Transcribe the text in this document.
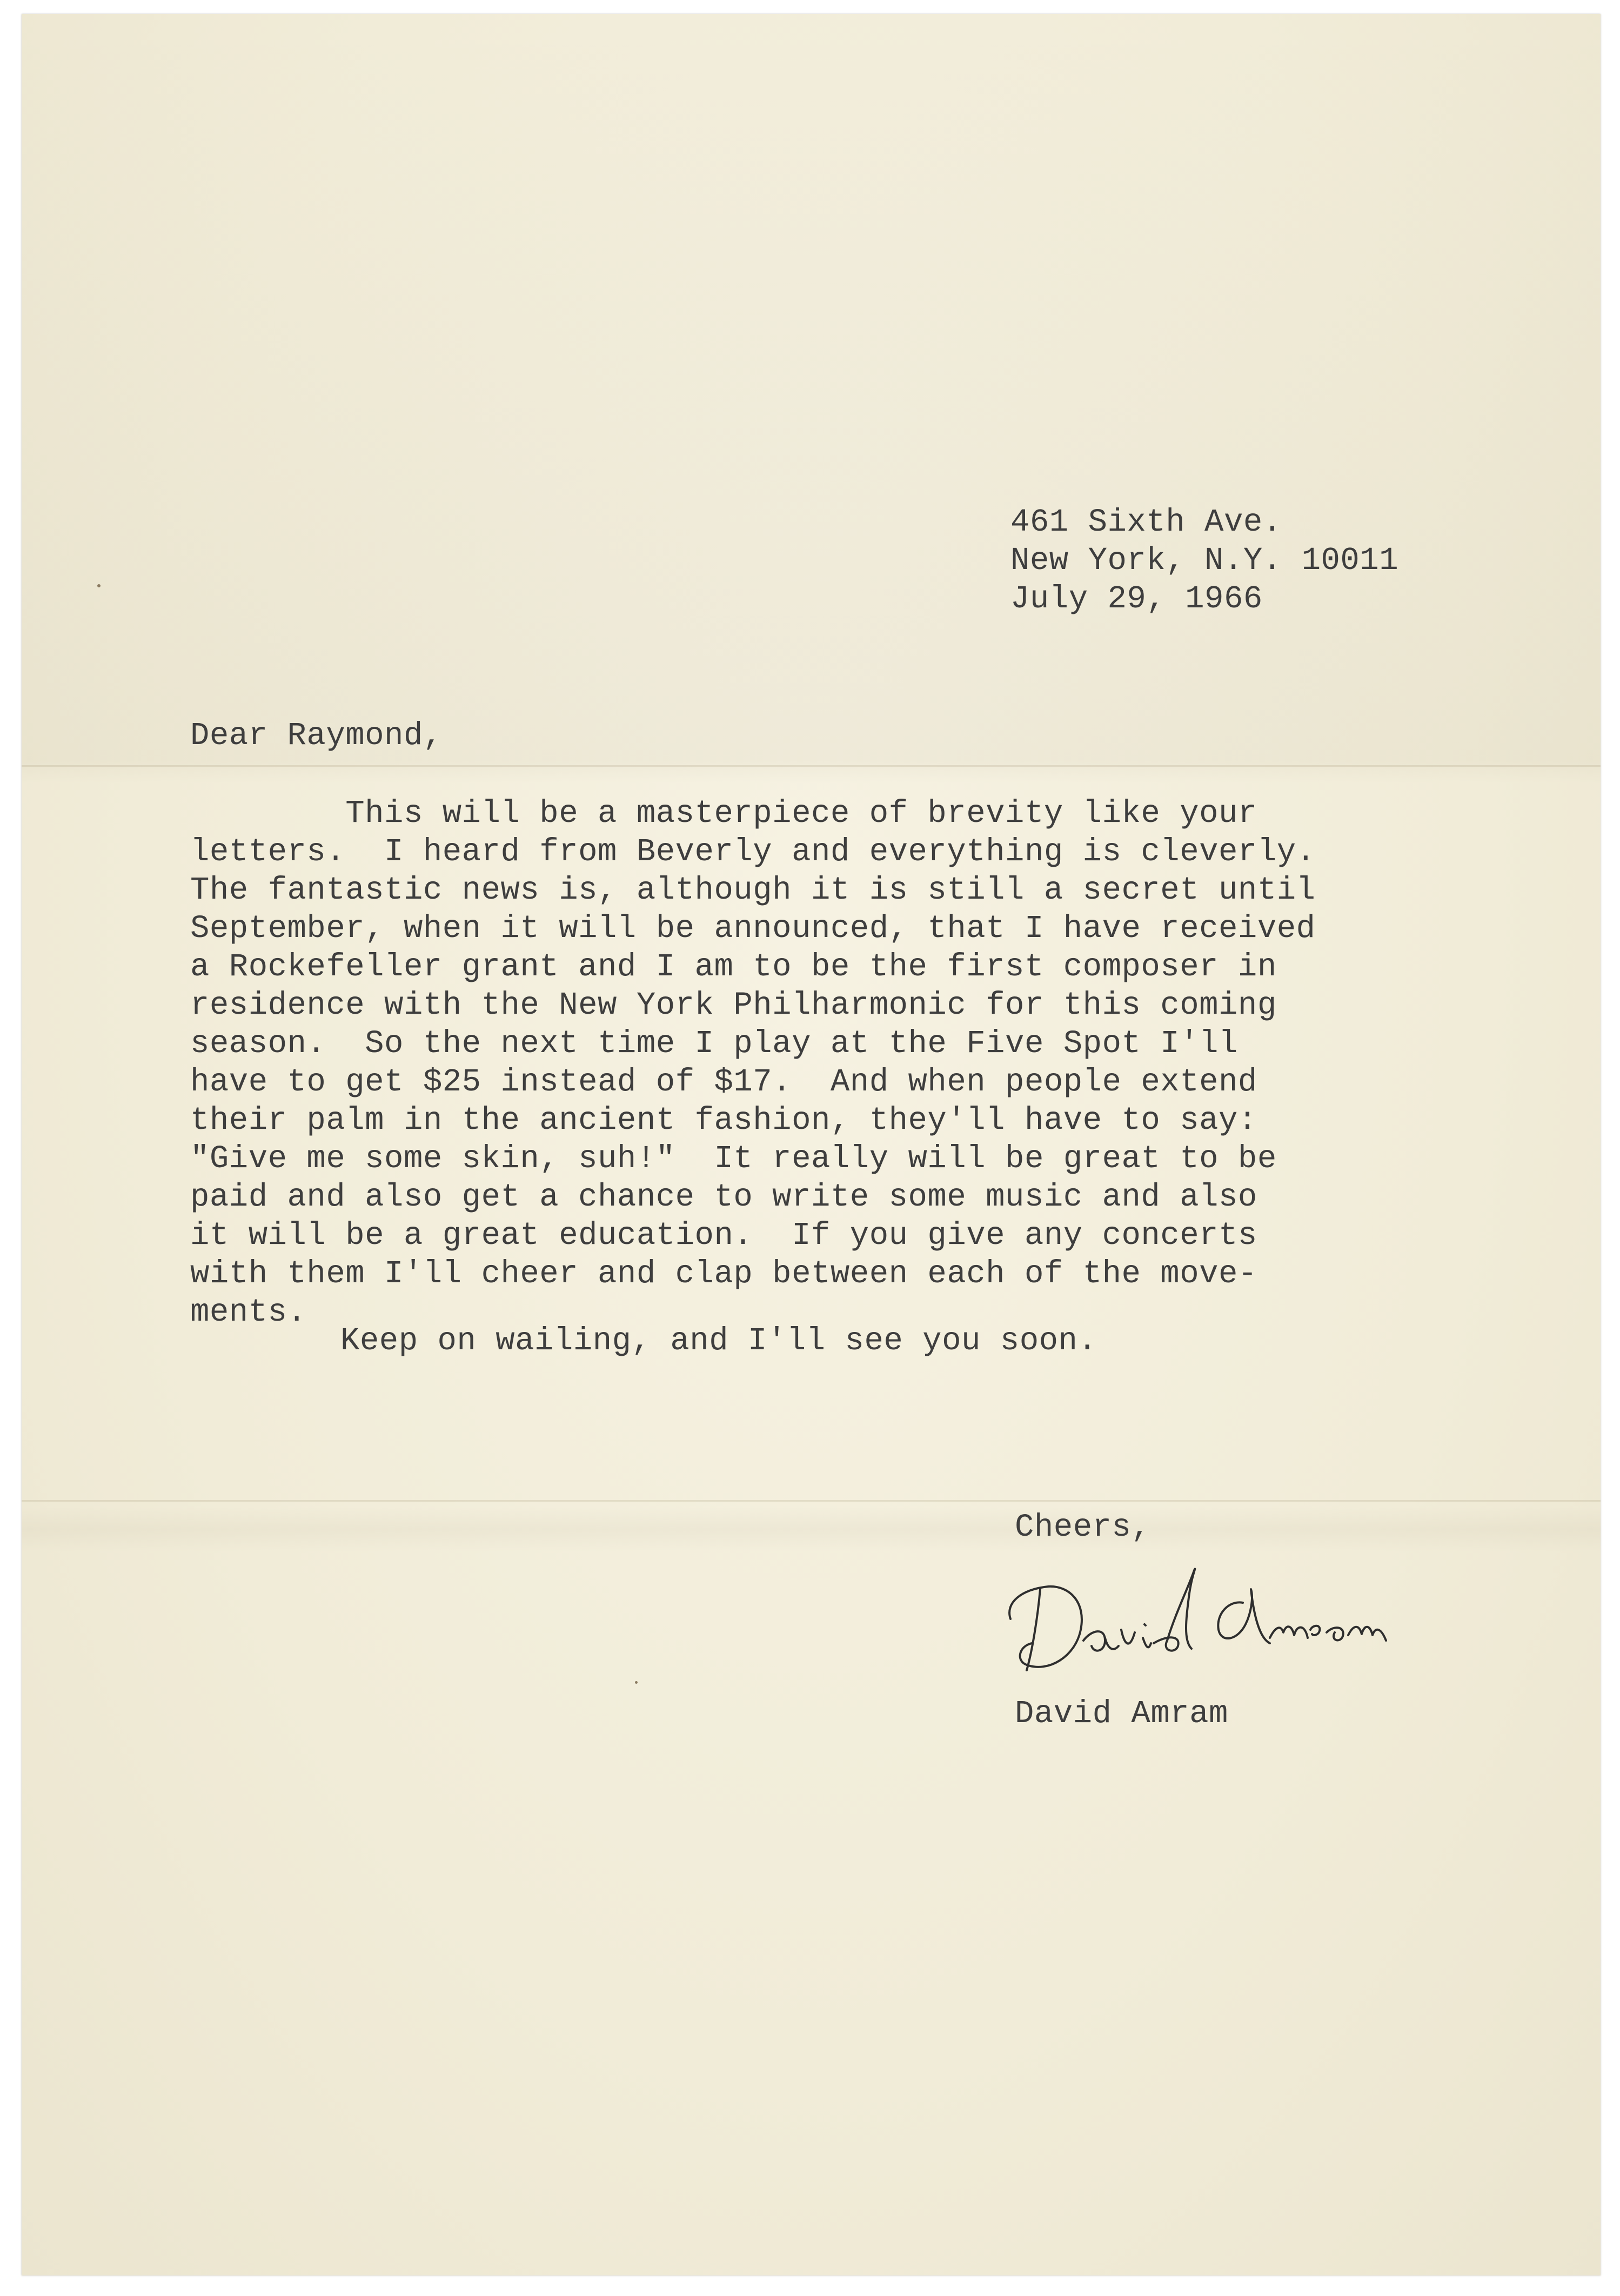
461 Sixth Ave.
New York, N.Y. 10011
July 29, 1966
Dear Raymond,
This will be a masterpiece of brevity like your
letters.  I heard from Beverly and everything is cleverly.
The fantastic news is, although it is still a secret until
September, when it will be announced, that I have received
a Rockefeller grant and I am to be the first composer in
residence with the New York Philharmonic for this coming
season.  So the next time I play at the Five Spot I'll
have to get $25 instead of $17.  And when people extend
their palm in the ancient fashion, they'll have to say:
"Give me some skin, suh!"  It really will be great to be
paid and also get a chance to write some music and also
it will be a great education.  If you give any concerts
with them I'll cheer and clap between each of the move-
ments.
Keep on wailing, and I'll see you soon.
Cheers,
David Amram
